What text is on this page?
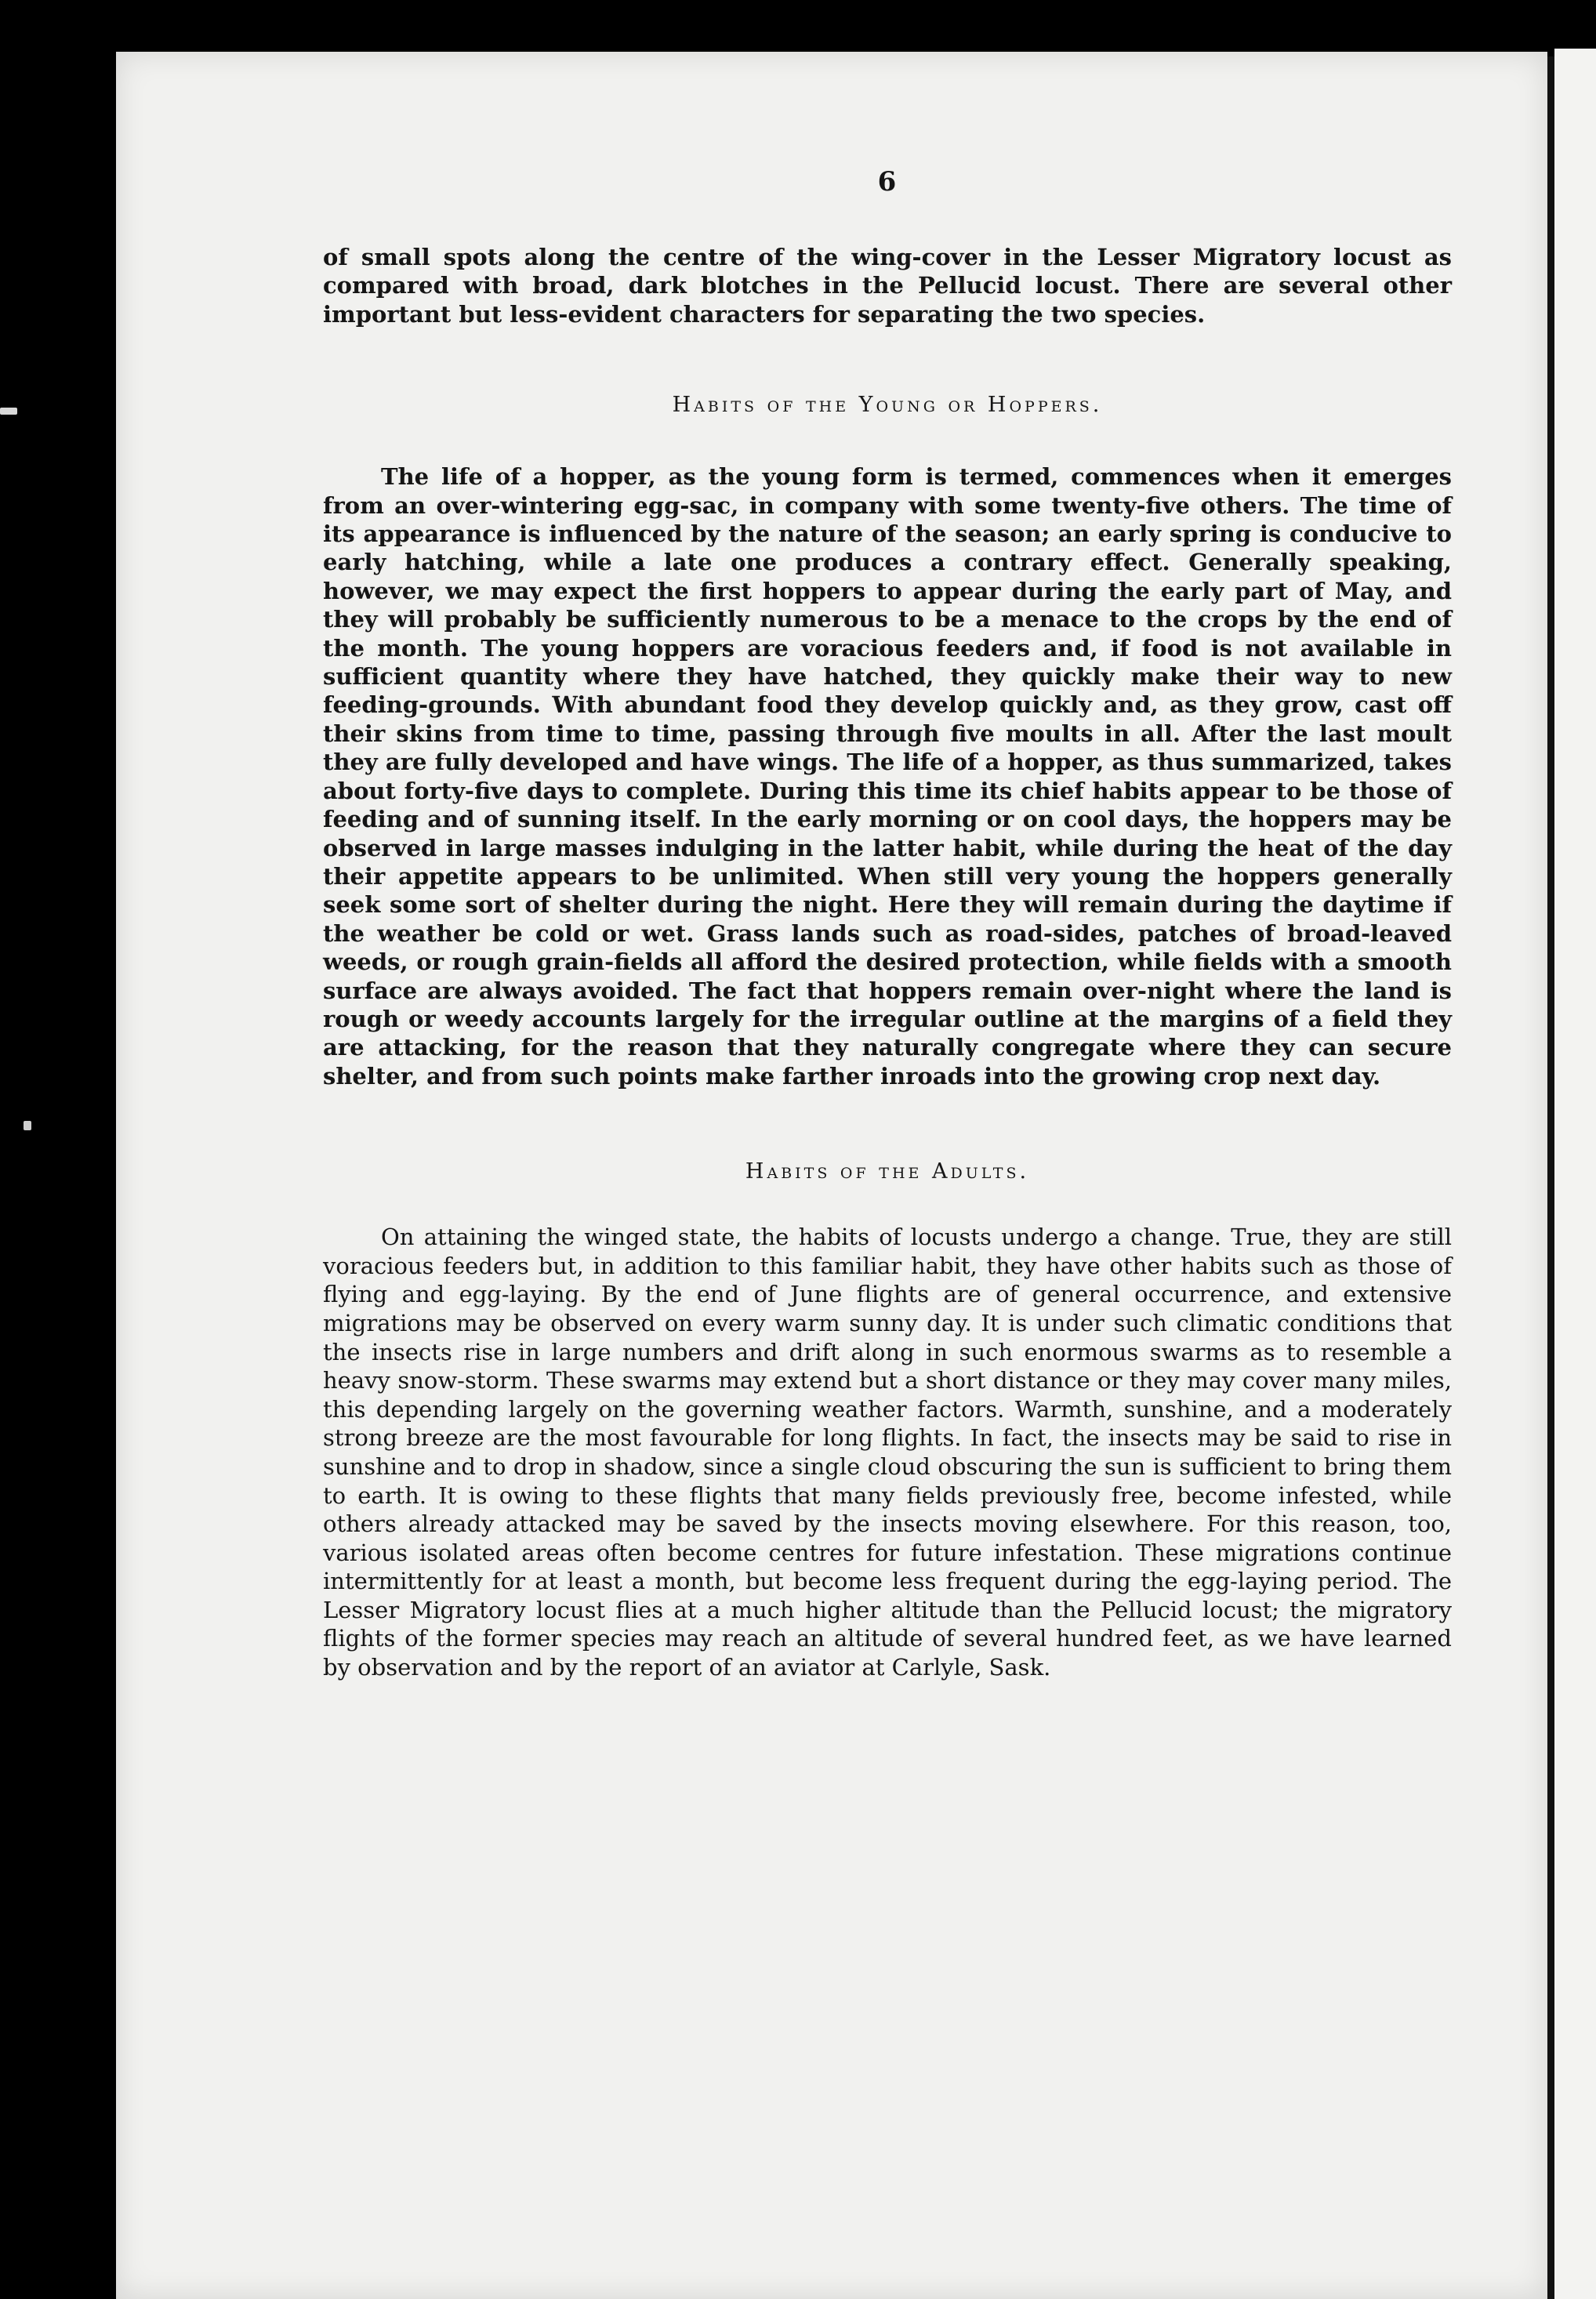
6

of small spots along the centre of the wing-cover in the Lesser Migratory locust as compared with broad, dark blotches in the Pellucid locust. There are several other important but less-evident characters for separating the two species.

Habits of the Young or Hoppers.

The life of a hopper, as the young form is termed, commences when it emerges from an over-wintering egg-sac, in company with some twenty-five others. The time of its appearance is influenced by the nature of the season; an early spring is conducive to early hatching, while a late one produces a contrary effect. Generally speaking, however, we may expect the first hoppers to appear during the early part of May, and they will probably be sufficiently numerous to be a menace to the crops by the end of the month. The young hoppers are voracious feeders and, if food is not available in sufficient quantity where they have hatched, they quickly make their way to new feeding-grounds. With abundant food they develop quickly and, as they grow, cast off their skins from time to time, passing through five moults in all. After the last moult they are fully developed and have wings. The life of a hopper, as thus summarized, takes about forty-five days to complete. During this time its chief habits appear to be those of feeding and of sunning itself. In the early morning or on cool days, the hoppers may be observed in large masses indulging in the latter habit, while during the heat of the day their appetite appears to be unlimited. When still very young the hoppers generally seek some sort of shelter during the night. Here they will remain during the daytime if the weather be cold or wet. Grass lands such as road-sides, patches of broad-leaved weeds, or rough grain-fields all afford the desired protection, while fields with a smooth surface are always avoided. The fact that hoppers remain over-night where the land is rough or weedy accounts largely for the irregular outline at the margins of a field they are attacking, for the reason that they naturally congregate where they can secure shelter, and from such points make farther inroads into the growing crop next day.

Habits of the Adults.

On attaining the winged state, the habits of locusts undergo a change. True, they are still voracious feeders but, in addition to this familiar habit, they have other habits such as those of flying and egg-laying. By the end of June flights are of general occurrence, and extensive migrations may be observed on every warm sunny day. It is under such climatic conditions that the insects rise in large numbers and drift along in such enormous swarms as to resemble a heavy snow-storm. These swarms may extend but a short distance or they may cover many miles, this depending largely on the governing weather factors. Warmth, sunshine, and a moderately strong breeze are the most favourable for long flights. In fact, the insects may be said to rise in sunshine and to drop in shadow, since a single cloud obscuring the sun is sufficient to bring them to earth. It is owing to these flights that many fields previously free, become infested, while others already attacked may be saved by the insects moving elsewhere. For this reason, too, various isolated areas often become centres for future infestation. These migrations continue intermittently for at least a month, but become less frequent during the egg-laying period. The Lesser Migratory locust flies at a much higher altitude than the Pellucid locust; the migratory flights of the former species may reach an altitude of several hundred feet, as we have learned by observation and by the report of an aviator at Carlyle, Sask.
